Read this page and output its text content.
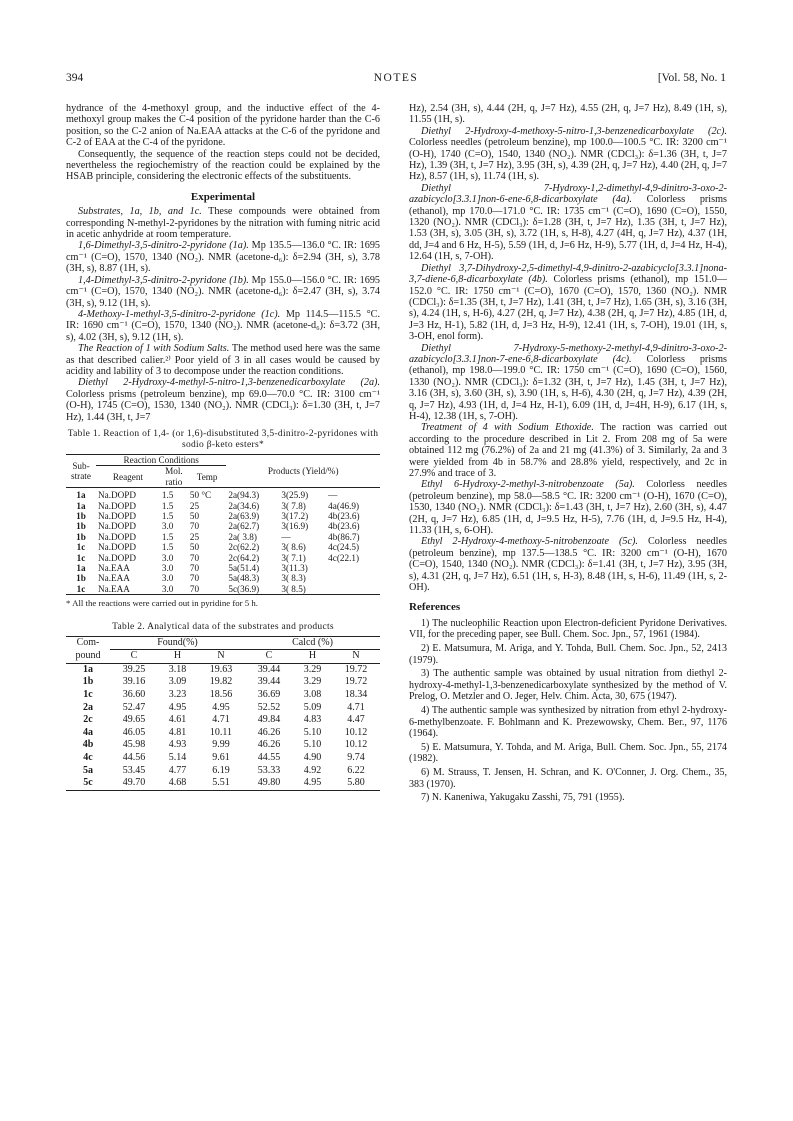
394	NOTES	[Vol. 58, No. 1

hydrance of the 4-methoxyl group, and the inductive effect of the 4-methoxyl group makes the C-4 position of the pyridone harder than the C-6 position, so the C-2 anion of Na.EAA attacks at the C-6 of the pyridone and C-2 of EAA at the C-4 of the pyridone.

Consequently, the sequence of the reaction steps could not be decided, nevertheless the regiochemistry of the reaction could be explained by the HSAB principle, considering the electronic effects of the substituents.

Experimental

Substrates, 1a, 1b, and 1c. These compounds were obtained from corresponding N-methyl-2-pyridones by the nitration with fuming nitric acid in acetic anhydride at room temperature.

1,6-Dimethyl-3,5-dinitro-2-pyridone (1a). Mp 135.5—136.0 °C. IR: 1695 cm⁻¹ (C=O), 1570, 1340 (NO₂). NMR (acetone-d₆): δ=2.94 (3H, s), 3.78 (3H, s), 8.87 (1H, s).

1,4-Dimethyl-3,5-dinitro-2-pyridone (1b). Mp 155.0—156.0 °C. IR: 1695 cm⁻¹ (C=O), 1570, 1340 (NO₂). NMR (acetone-d₆): δ=2.47 (3H, s), 3.74 (3H, s), 9.12 (1H, s).

4-Methoxy-1-methyl-3,5-dinitro-2-pyridone (1c). Mp 114.5—115.5 °C. IR: 1690 cm⁻¹ (C=O), 1570, 1340 (NO₂). NMR (acetone-d₆): δ=3.72 (3H, s), 4.02 (3H, s), 9.12 (1H, s).

The Reaction of 1 with Sodium Salts. The method used here was the same as that described calier.²⁾ Poor yield of 3 in all cases would be caused by acidity and lability of 3 to decompose under the reaction conditions.

Diethyl 2-Hydroxy-4-methyl-5-nitro-1,3-benzenedicarboxylate (2a). Colorless prisms (petroleum benzine), mp 69.0—70.0 °C. IR: 3100 cm⁻¹ (O-H), 1745 (C=O), 1530, 1340 (NO₂). NMR (CDCl₃): δ=1.30 (3H, t, J=7 Hz), 1.44 (3H, t, J=7

Table 1. Reaction of 1,4- (or 1,6)-disubstituted 3,5-dinitro-2-pyridones with sodio β-keto esters*
Sub-strate	Reaction Conditions			Products (Yield/%)		
	Reagent	Mol. ratio	Temp			
1a	Na.DOPD	1.5	50 °C	2a(94.3)	3(25.9)	—
1a	Na.DOPD	1.5	25	2a(34.6)	3( 7.8)	4a(46.9)
1b	Na.DOPD	1.5	50	2a(63.9)	3(17.2)	4b(23.6)
1b	Na.DOPD	3.0	70	2a(62.7)	3(16.9)	4b(23.6)
1b	Na.DOPD	1.5	25	2a( 3.8)	—	4b(86.7)
1c	Na.DOPD	1.5	50	2c(62.2)	3( 8.6)	4c(24.5)
1c	Na.DOPD	3.0	70	2c(64.2)	3( 7.1)	4c(22.1)
1a	Na.EAA	3.0	70	5a(51.4)	3(11.3)	
1b	Na.EAA	3.0	70	5a(48.3)	3( 8.3)	
1c	Na.EAA	3.0	70	5c(36.9)	3( 8.5)	
* All the reactions were carried out in pyridine for 5 h.
Table 2. Analytical data of the substrates and products
Com-pound	Found(%)			Calcd (%)		
	C	H	N	C	H	N
1a	39.25	3.18	19.63	39.44	3.29	19.72
1b	39.16	3.09	19.82	39.44	3.29	19.72
1c	36.60	3.23	18.56	36.69	3.08	18.34
2a	52.47	4.95	4.95	52.52	5.09	4.71
2c	49.65	4.61	4.71	49.84	4.83	4.47
4a	46.05	4.81	10.11	46.26	5.10	10.12
4b	45.98	4.93	9.99	46.26	5.10	10.12
4c	44.56	5.14	9.61	44.55	4.90	9.74
5a	53.45	4.77	6.19	53.33	4.92	6.22
5c	49.70	4.68	5.51	49.80	4.95	5.80

Hz), 2.54 (3H, s), 4.44 (2H, q, J=7 Hz), 4.55 (2H, q, J=7 Hz), 8.49 (1H, s), 11.55 (1H, s).

Diethyl 2-Hydroxy-4-methoxy-5-nitro-1,3-benzenedicarboxylate (2c). Colorless needles (petroleum benzine), mp 100.0—100.5 °C. IR: 3200 cm⁻¹ (O-H), 1740 (C=O), 1540, 1340 (NO₂). NMR (CDCl₃): δ=1.36 (3H, t, J=7 Hz), 1.39 (3H, t, J=7 Hz), 3.95 (3H, s), 4.39 (2H, q, J=7 Hz), 4.40 (2H, q, J=7 Hz), 8.57 (1H, s), 11.74 (1H, s).

Diethyl 7-Hydroxy-1,2-dimethyl-4,9-dinitro-3-oxo-2-azabicyclo[3.3.1]non-6-ene-6,8-dicarboxylate (4a). Colorless prisms (ethanol), mp 170.0—171.0 °C. IR: 1735 cm⁻¹ (C=O), 1690 (C=O), 1550, 1320 (NO₂). NMR (CDCl₃): δ=1.28 (3H, t, J=7 Hz), 1.35 (3H, t, J=7 Hz), 1.53 (3H, s), 3.05 (3H, s), 3.72 (1H, s, H-8), 4.27 (4H, q, J=7 Hz), 4.37 (1H, dd, J=4 and 6 Hz, H-5), 5.59 (1H, d, J=6 Hz, H-9), 5.77 (1H, d, J=4 Hz, H-4), 12.64 (1H, s, 7-OH).

Diethyl 3,7-Dihydroxy-2,5-dimethyl-4,9-dinitro-2-azabicyclo[3.3.1]nona-3,7-diene-6,8-dicarboxylate (4b). Colorless prisms (ethanol), mp 151.0—152.0 °C. IR: 1750 cm⁻¹ (C=O), 1670 (C=O), 1570, 1360 (NO₂). NMR (CDCl₃): δ=1.35 (3H, t, J=7 Hz), 1.41 (3H, t, J=7 Hz), 1.65 (3H, s), 3.16 (3H, s), 4.24 (1H, s, H-6), 4.27 (2H, q, J=7 Hz), 4.38 (2H, q, J=7 Hz), 4.85 (1H, d, J=3 Hz, H-1), 5.82 (1H, d, J=3 Hz, H-9), 12.41 (1H, s, 7-OH), 19.01 (1H, s, 3-OH, enol form).

Diethyl 7-Hydroxy-5-methoxy-2-methyl-4,9-dinitro-3-oxo-2-azabicyclo[3.3.1]non-7-ene-6,8-dicarboxylate (4c). Colorless prisms (ethanol), mp 198.0—199.0 °C. IR: 1750 cm⁻¹ (C=O), 1690 (C=O), 1560, 1330 (NO₂). NMR (CDCl₃): δ=1.32 (3H, t, J=7 Hz), 1.45 (3H, t, J=7 Hz), 3.16 (3H, s), 3.60 (3H, s), 3.90 (1H, s, H-6), 4.30 (2H, q, J=7 Hz), 4.39 (2H, q, J=7 Hz), 4.93 (1H, d, J=4 Hz, H-1), 6.09 (1H, d, J=4H, H-9), 6.17 (1H, s, H-4), 12.38 (1H, s, 7-OH).

Treatment of 4 with Sodium Ethoxide. The raction was carried out according to the procedure described in Lit 2. From 208 mg of 5a were obtained 112 mg (76.2%) of 2a and 21 mg (41.3%) of 3. Similarly, 2a and 3 were yielded from 4b in 58.7% and 28.8% yield, respectively, and 2c in 27.9% and trace of 3.

Ethyl 6-Hydroxy-2-methyl-3-nitrobenzoate (5a). Colorless needles (petroleum benzine), mp 58.0—58.5 °C. IR: 3200 cm⁻¹ (O-H), 1670 (C=O), 1530, 1340 (NO₂). NMR (CDCl₃): δ=1.43 (3H, t, J=7 Hz), 2.60 (3H, s), 4.47 (2H, q, J=7 Hz), 6.85 (1H, d, J=9.5 Hz, H-5), 7.76 (1H, d, J=9.5 Hz, H-4), 11.33 (1H, s, 6-OH).

Ethyl 2-Hydroxy-4-methoxy-5-nitrobenzoate (5c). Colorless needles (petroleum benzine), mp 137.5—138.5 °C. IR: 3200 cm⁻¹ (O-H), 1670 (C=O), 1540, 1340 (NO₂). NMR (CDCl₃): δ=1.41 (3H, t, J=7 Hz), 3.95 (3H, s), 4.31 (2H, q, J=7 Hz), 6.51 (1H, s, H-3), 8.48 (1H, s, H-6), 11.49 (1H, s, 2-OH).

References

1) The nucleophilic Reaction upon Electron-deficient Pyridone Derivatives. VII, for the preceding paper, see Bull. Chem. Soc. Jpn., 57, 1961 (1984).

2) E. Matsumura, M. Ariga, and Y. Tohda, Bull. Chem. Soc. Jpn., 52, 2413 (1979).

3) The authentic sample was obtained by usual nitration from diethyl 2-hydroxy-4-methyl-1,3-benzenedicarboxylate synthesized by the method of V. Prelog, O. Metzler and O. Jeger, Helv. Chim. Acta, 30, 675 (1947).

4) The authentic sample was synthesized by nitration from ethyl 2-hydroxy-6-methylbenzoate. F. Bohlmann and K. Prezewowsky, Chem. Ber., 97, 1176 (1964).

5) E. Matsumura, Y. Tohda, and M. Ariga, Bull. Chem. Soc. Jpn., 55, 2174 (1982).

6) M. Strauss, T. Jensen, H. Schran, and K. O'Conner, J. Org. Chem., 35, 383 (1970).

7) N. Kaneniwa, Yakugaku Zasshi, 75, 791 (1955).
